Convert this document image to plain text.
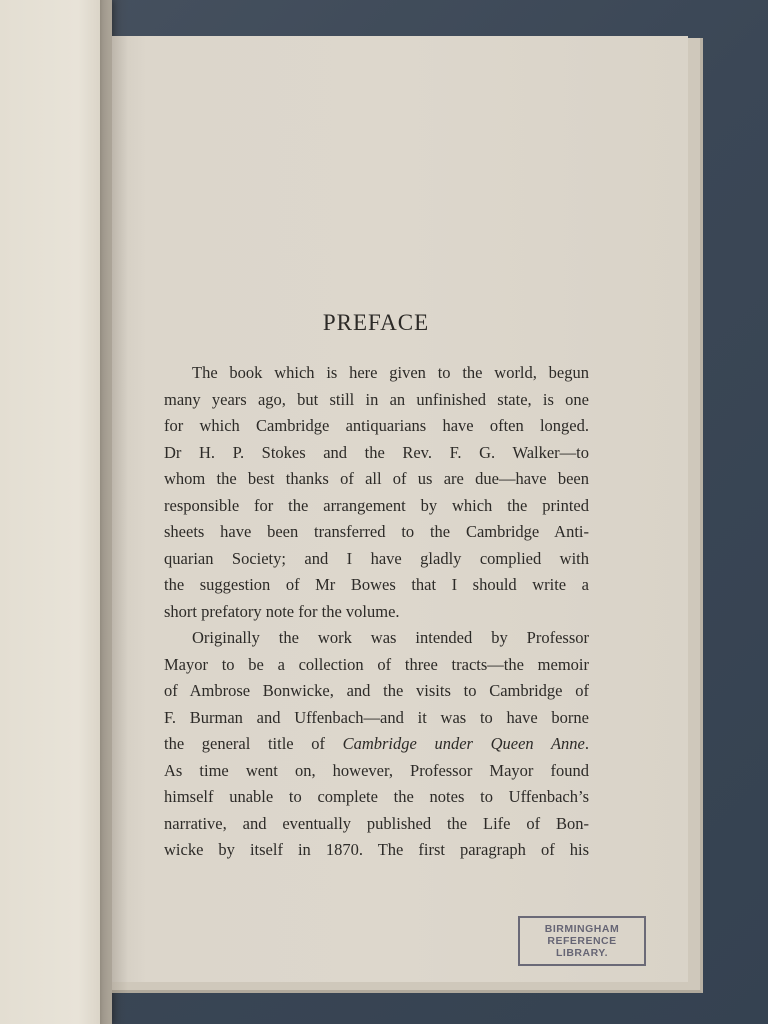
PREFACE
The book which is here given to the world, begun
many years ago, but still in an unfinished state, is one
for which Cambridge antiquarians have often longed.
Dr H. P. Stokes and the Rev. F. G. Walker—to
whom the best thanks of all of us are due—have been
responsible for the arrangement by which the printed
sheets have been transferred to the Cambridge Anti-
quarian Society; and I have gladly complied with
the suggestion of Mr Bowes that I should write a
short prefatory note for the volume.
Originally the work was intended by Professor
Mayor to be a collection of three tracts—the memoir
of Ambrose Bonwicke, and the visits to Cambridge of
F. Burman and Uffenbach—and it was to have borne
the general title of Cambridge under Queen Anne.
As time went on, however, Professor Mayor found
himself unable to complete the notes to Uffenbach’s
narrative, and eventually published the Life of Bon-
wicke by itself in 1870. The first paragraph of his
BIRMINGHAM
REFERENCE
LIBRARY.
